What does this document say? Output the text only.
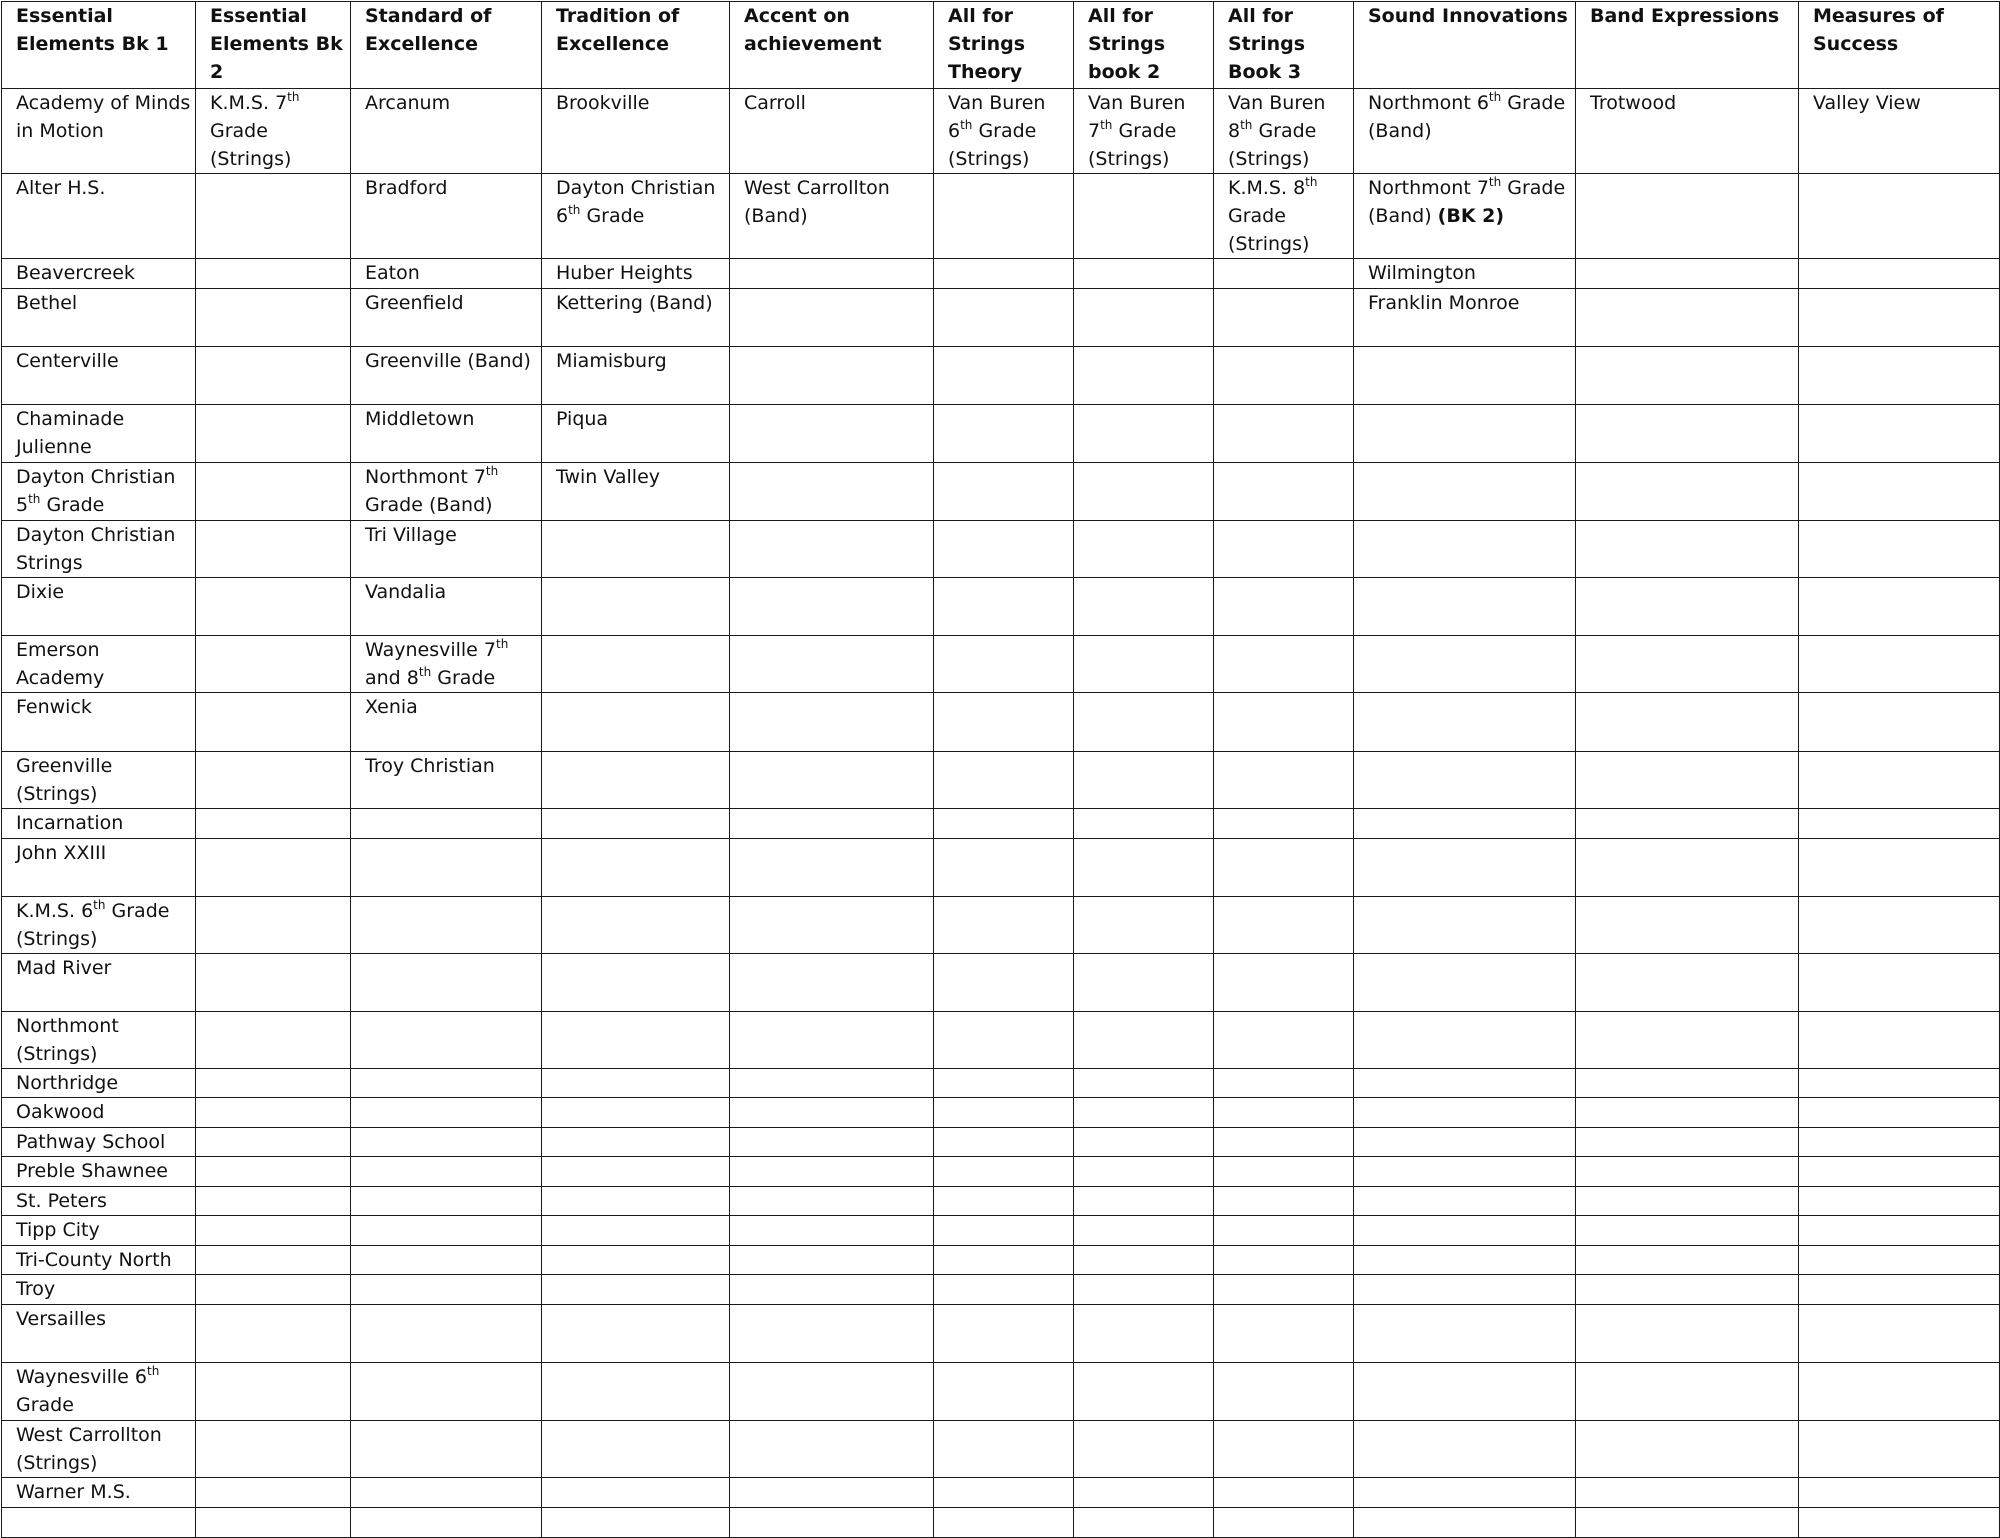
Essential Elements Bk 1	Essential Elements Bk 2	Standard of Excellence	Tradition of Excellence	Accent on achievement	All for Strings Theory	All for Strings book 2	All for Strings Book 3	Sound Innovations	Band Expressions	Measures of Success

Academy of Minds in Motion	K.M.S. 7th Grade (Strings)	Arcanum	Brookville	Carroll	Van Buren 6th Grade (Strings)	Van Buren 7th Grade (Strings)	Van Buren 8th Grade (Strings)	Northmont 6th Grade (Band)	Trotwood	Valley View

Alter H.S.		Bradford	Dayton Christian 6th Grade	West Carrollton (Band)			K.M.S. 8th Grade (Strings)	Northmont 7th Grade (Band) (BK 2)		

Beavercreek		Eaton	Huber Heights					Wilmington		

Bethel		Greenfield	Kettering (Band)					Franklin Monroe		

Centerville		Greenville (Band)	Miamisburg							

Chaminade Julienne		Middletown	Piqua							

Dayton Christian 5th Grade		Northmont 7th Grade (Band)	Twin Valley							

Dayton Christian Strings		Tri Village								

Dixie		Vandalia								

Emerson Academy		Waynesville 7th and 8th Grade								

Fenwick		Xenia								

Greenville (Strings)		Troy Christian								

Incarnation										

John XXIII										

K.M.S. 6th Grade (Strings)										

Mad River										

Northmont (Strings)										

Northridge										

Oakwood										

Pathway School										

Preble Shawnee										

St. Peters										

Tipp City										

Tri-County North										

Troy										

Versailles										

Waynesville 6th Grade										

West Carrollton (Strings)										

Warner M.S.										
